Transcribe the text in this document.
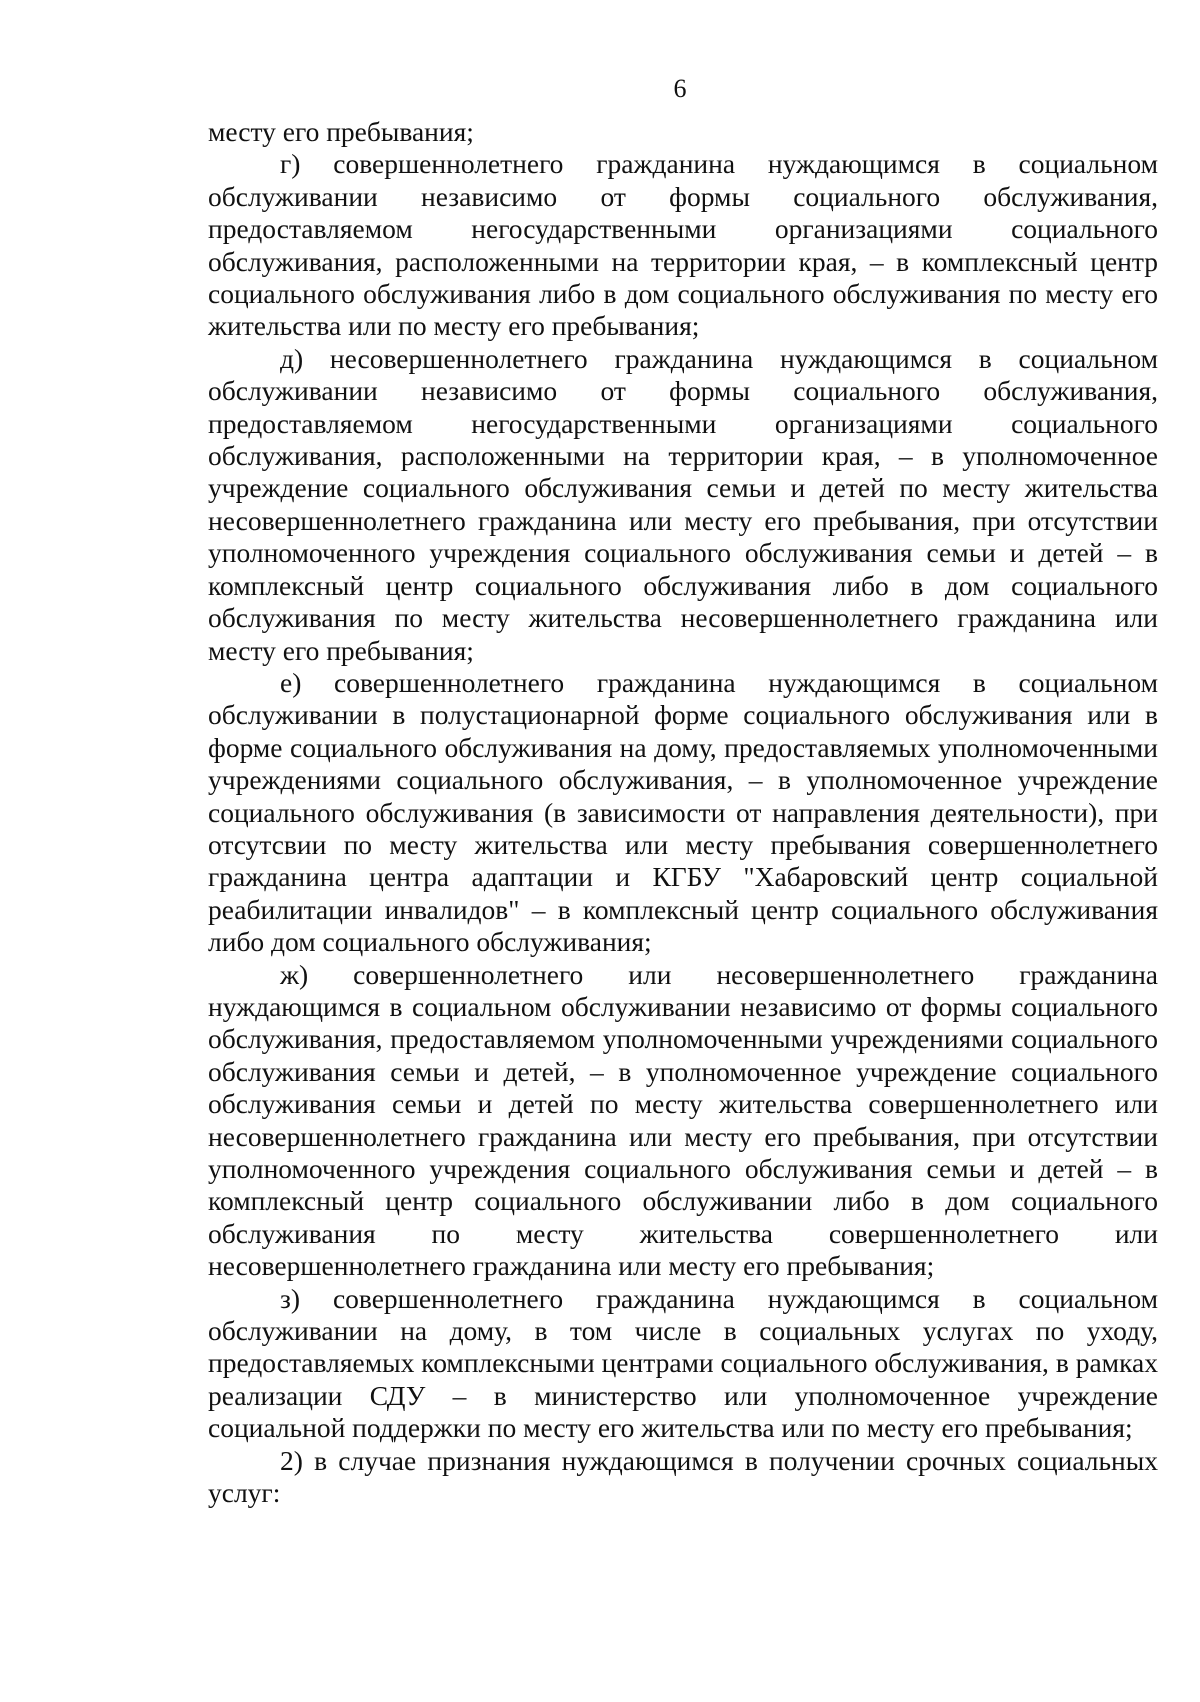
6

месту его пребывания;

г) совершеннолетнего гражданина нуждающимся в социальном обслуживании независимо от формы социального обслуживания, предоставляемом негосударственными организациями социального обслуживания, расположенными на территории края, – в комплексный центр социального обслуживания либо в дом социального обслуживания по месту его жительства или по месту его пребывания;

д) несовершеннолетнего гражданина нуждающимся в социальном обслуживании независимо от формы социального обслуживания, предоставляемом негосударственными организациями социального обслуживания, расположенными на территории края, – в уполномоченное учреждение социального обслуживания семьи и детей по месту жительства несовершеннолетнего гражданина или месту его пребывания, при отсутствии уполномоченного учреждения социального обслуживания семьи и детей – в комплексный центр социального обслуживания либо в дом социального обслуживания по месту жительства несовершеннолетнего гражданина или месту его пребывания;

е) совершеннолетнего гражданина нуждающимся в социальном обслуживании в полустационарной форме социального обслуживания или в форме социального обслуживания на дому, предоставляемых уполномоченными учреждениями социального обслуживания, – в уполномоченное учреждение социального обслуживания (в зависимости от направления деятельности), при отсутсвии по месту жительства или месту пребывания совершеннолетнего гражданина центра адаптации и КГБУ "Хабаровский центр социальной реабилитации инвалидов" – в комплексный центр социального обслуживания либо дом социального обслуживания;

ж) совершеннолетнего или несовершеннолетнего гражданина нуждающимся в социальном обслуживании независимо от формы социального обслуживания, предоставляемом уполномоченными учреждениями социального обслуживания семьи и детей, – в уполномоченное учреждение социального обслуживания семьи и детей по месту жительства совершеннолетнего или несовершеннолетнего гражданина или месту его пребывания, при отсутствии уполномоченного учреждения социального обслуживания семьи и детей – в комплексный центр социального обслуживании либо в дом социального обслуживания по месту жительства совершеннолетнего или несовершеннолетнего гражданина или месту его пребывания;

з) совершеннолетнего гражданина нуждающимся в социальном обслуживании на дому, в том числе в социальных услугах по уходу, предоставляемых комплексными центрами социального обслуживания, в рамках реализации СДУ – в министерство или уполномоченное учреждение социальной поддержки по месту его жительства или по месту его пребывания;

2) в случае признания нуждающимся в получении срочных социальных услуг:
